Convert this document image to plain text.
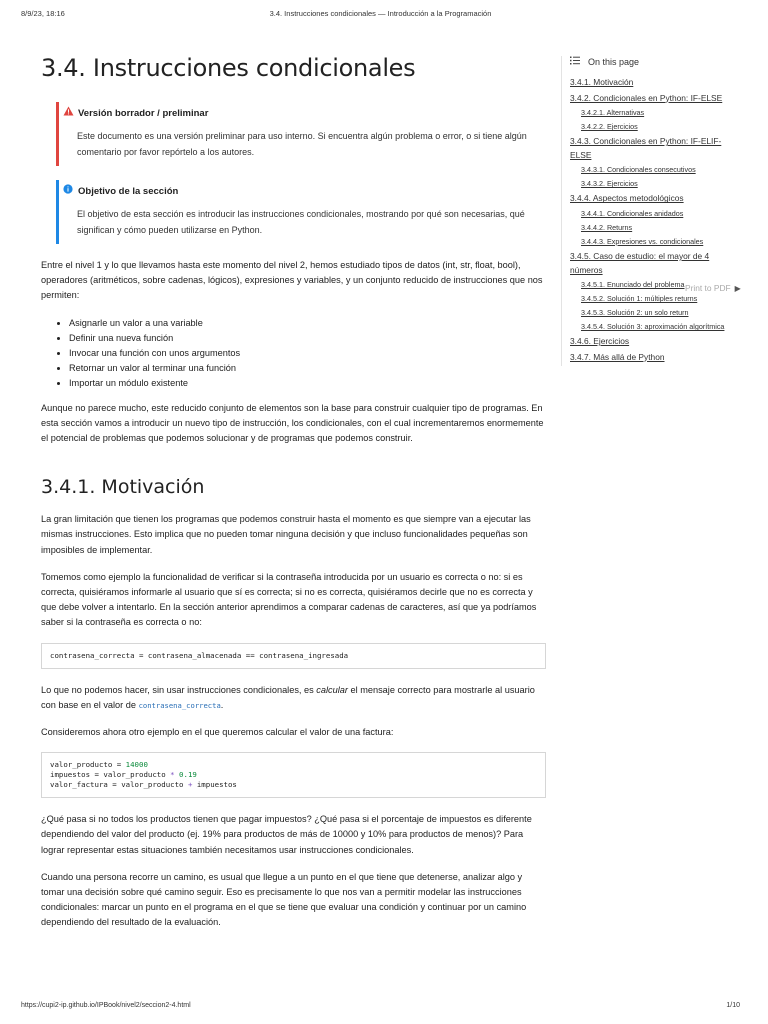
8/9/23, 18:16	3.4. Instrucciones condicionales — Introducción a la Programación
3.4. Instrucciones condicionales
Versión borrador / preliminar

Este documento es una versión preliminar para uso interno. Si encuentra algún problema o error, o si tiene algún comentario por favor repórtelo a los autores.

Objetivo de la sección

El objetivo de esta sección es introducir las instrucciones condicionales, mostrando por qué son necesarias, qué significan y cómo pueden utilizarse en Python.

Entre el nivel 1 y lo que llevamos hasta este momento del nivel 2, hemos estudiado tipos de datos (int, str, float, bool), operadores (aritméticos, sobre cadenas, lógicos), expresiones y variables, y un conjunto reducido de instrucciones que nos permiten:

• Asignarle un valor a una variable
• Definir una nueva función
• Invocar una función con unos argumentos
• Retornar un valor al terminar una función
• Importar un módulo existente

Aunque no parece mucho, este reducido conjunto de elementos son la base para construir cualquier tipo de programas. En esta sección vamos a introducir un nuevo tipo de instrucción, los condicionales, con el cual incrementaremos enormemente el potencial de problemas que podemos solucionar y de programas que podemos construir.

3.4.1. Motivación

La gran limitación que tienen los programas que podemos construir hasta el momento es que siempre van a ejecutar las mismas instrucciones. Esto implica que no pueden tomar ninguna decisión y que incluso funcionalidades pequeñas son imposibles de implementar.

Tomemos como ejemplo la funcionalidad de verificar si la contraseña introducida por un usuario es correcta o no: si es correcta, quisiéramos informarle al usuario que sí es correcta; si no es correcta, quisiéramos decirle que no es correcta y que debe volver a intentarlo. En la sección anterior aprendimos a comparar cadenas de caracteres, así que ya podríamos saber si la contraseña es correcta o no:

contrasena_correcta = contrasena_almacenada == contrasena_ingresada

Lo que no podemos hacer, sin usar instrucciones condicionales, es calcular el mensaje correcto para mostrarle al usuario con base en el valor de contrasena_correcta.

Consideremos ahora otro ejemplo en el que queremos calcular el valor de una factura:

valor_producto = 14000
impuestos = valor_producto * 0.19
valor_factura = valor_producto + impuestos

¿Qué pasa si no todos los productos tienen que pagar impuestos? ¿Qué pasa si el porcentaje de impuestos es diferente dependiendo del valor del producto (ej. 19% para productos de más de 10000 y 10% para productos de menos)? Para lograr representar estas situaciones también necesitamos usar instrucciones condicionales.

Cuando una persona recorre un camino, es usual que llegue a un punto en el que tiene que detenerse, analizar algo y tomar una decisión sobre qué camino seguir. Eso es precisamente lo que nos van a permitir modelar las instrucciones condicionales: marcar un punto en el programa en el que se tiene que evaluar una condición y continuar por un camino dependiendo del resultado de la evaluación.

On this page
3.4.1. Motivación
3.4.2. Condicionales en Python: IF-ELSE
3.4.2.1. Alternativas
3.4.2.2. Ejercicios
3.4.3. Condicionales en Python: IF-ELIF-ELSE
3.4.3.1. Condicionales consecutivos
3.4.3.2. Ejercicios
3.4.4. Aspectos metodológicos
3.4.4.1. Condicionales anidados
3.4.4.2. Returns
3.4.4.3. Expresiones vs. condicionales
3.4.5. Caso de estudio: el mayor de 4 números
3.4.5.1. Enunciado del problema
3.4.5.2. Solución 1: múltiples returns
3.4.5.3. Solución 2: un solo return
3.4.5.4. Solución 3: aproximación algorítmica
3.4.6. Ejercicios
3.4.7. Más allá de Python
Print to PDF ▶
https://cupi2-ip.github.io/IPBook/nivel2/seccion2-4.html	1/10
